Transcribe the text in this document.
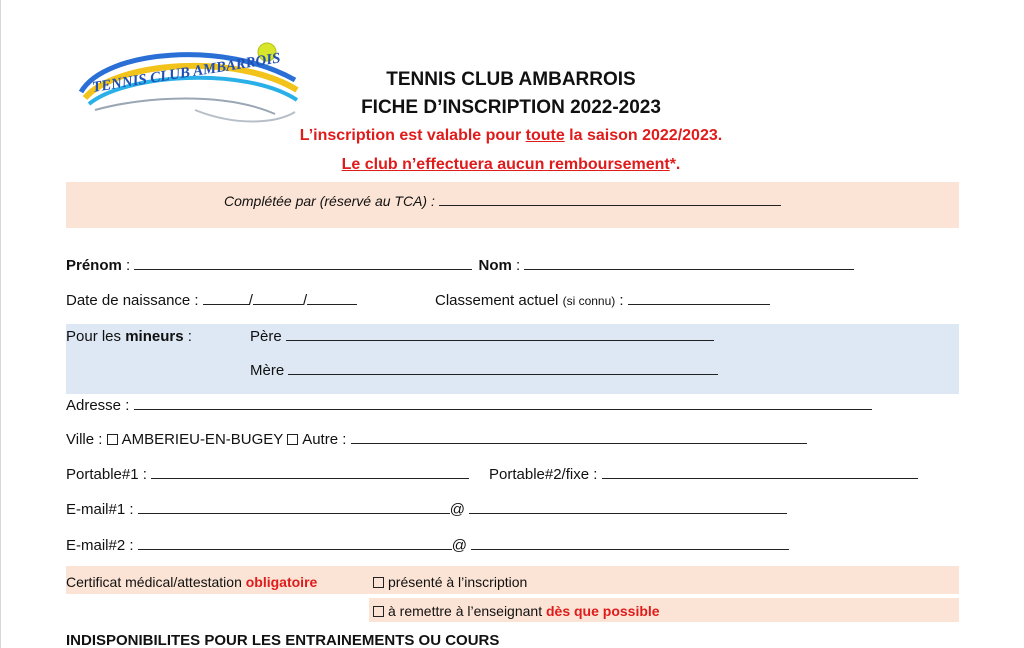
TENNIS CLUB AMBARROIS	TENNIS CLUB AMBARROIS
FICHE D’INSCRIPTION 2022-2023
L’inscription est valable pour toute la saison 2022/2023.
Le club n’effectuera aucun remboursement*.
Complétée par (réservé au TCA) :
Prénom :	Nom :
Date de naissance :	/	/	Classement actuel (si connu) :
Pour les mineurs :	Père
Mère
Adresse :
Ville : AMBERIEU-EN-BUGEY Autre :
Portable#1 :	Portable#2/fixe :
E-mail#1 :	@
E-mail#2 :	@
Certificat médical/attestation obligatoire	présenté à l’inscription
à remettre à l’enseignant dès que possible
INDISPONIBILITES POUR LES ENTRAINEMENTS OU COURS
